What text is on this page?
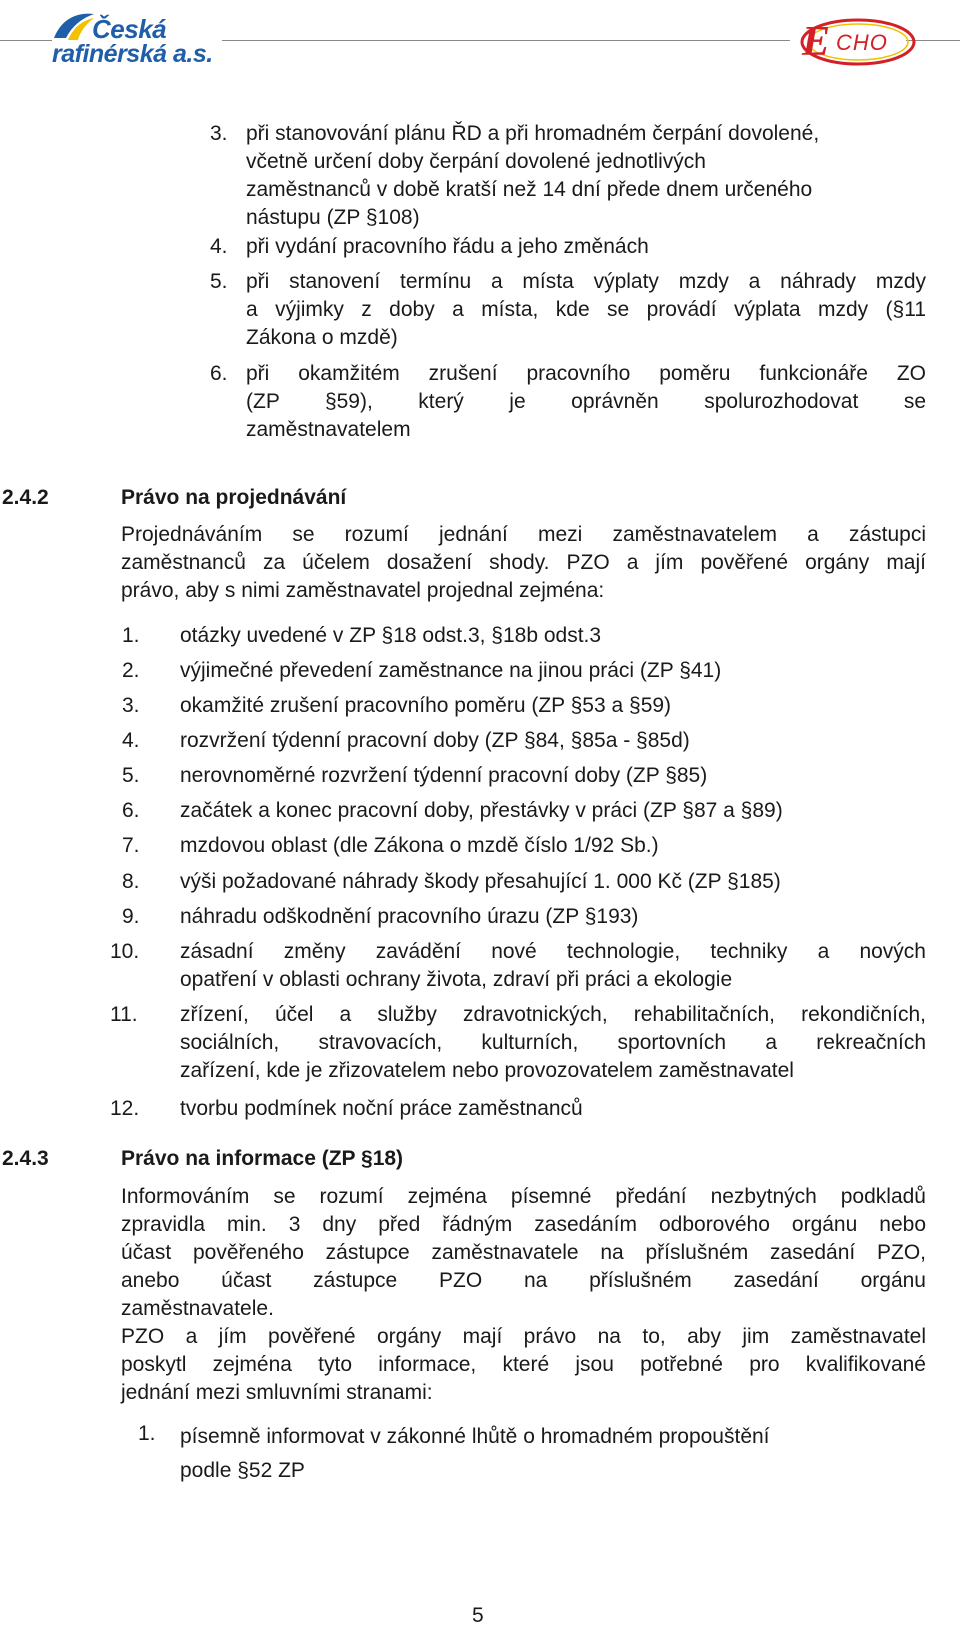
Česká
rafinérská a.s.	E CHO
3. při stanovování plánu ŘD a při hromadném čerpání dovolené,
včetně určení doby čerpání dovolené jednotlivých
zaměstnanců v době kratší než 14 dní přede dnem určeného
nástupu (ZP §108)
4. při vydání pracovního řádu a jeho změnách
5. při stanovení termínu a místa výplaty mzdy a náhrady mzdy
a výjimky z doby a místa, kde se provádí výplata mzdy (§11
Zákona o mzdě)
6. při okamžitém zrušení pracovního poměru funkcionáře ZO
(ZP §59), který je oprávněn spolurozhodovat se
zaměstnavatelem
2.4.2	Právo na projednávání
Projednáváním se rozumí jednání mezi zaměstnavatelem a zástupci
zaměstnanců za účelem dosažení shody. PZO a jím pověřené orgány mají
právo, aby s nimi zaměstnavatel projednal zejména:
1. otázky uvedené v ZP §18 odst.3, §18b odst.3
2. výjimečné převedení zaměstnance na jinou práci (ZP §41)
3. okamžité zrušení pracovního poměru (ZP §53 a §59)
4. rozvržení týdenní pracovní doby (ZP §84, §85a - §85d)
5. nerovnoměrné rozvržení týdenní pracovní doby (ZP §85)
6. začátek a konec pracovní doby, přestávky v práci (ZP §87 a §89)
7. mzdovou oblast (dle Zákona o mzdě číslo 1/92 Sb.)
8. výši požadované náhrady škody přesahující 1. 000 Kč (ZP §185)
9. náhradu odškodnění pracovního úrazu (ZP §193)
10. zásadní změny zavádění nové technologie, techniky a nových
opatření v oblasti ochrany života, zdraví při práci a ekologie
11. zřízení, účel a služby zdravotnických, rehabilitačních, rekondičních,
sociálních, stravovacích, kulturních, sportovních a rekreačních
zařízení, kde je zřizovatelem nebo provozovatelem zaměstnavatel
12. tvorbu podmínek noční práce zaměstnanců
2.4.3	Právo na informace (ZP §18)
Informováním se rozumí zejména písemné předání nezbytných podkladů
zpravidla min. 3 dny před řádným zasedáním odborového orgánu nebo
účast pověřeného zástupce zaměstnavatele na příslušném zasedání PZO,
anebo účast zástupce PZO na příslušném zasedání orgánu
zaměstnavatele.
PZO a jím pověřené orgány mají právo na to, aby jim zaměstnavatel
poskytl zejména tyto informace, které jsou potřebné pro kvalifikované
jednání mezi smluvními stranami:
1. písemně informovat v zákonné lhůtě o hromadném propouštění
podle §52 ZP
5
